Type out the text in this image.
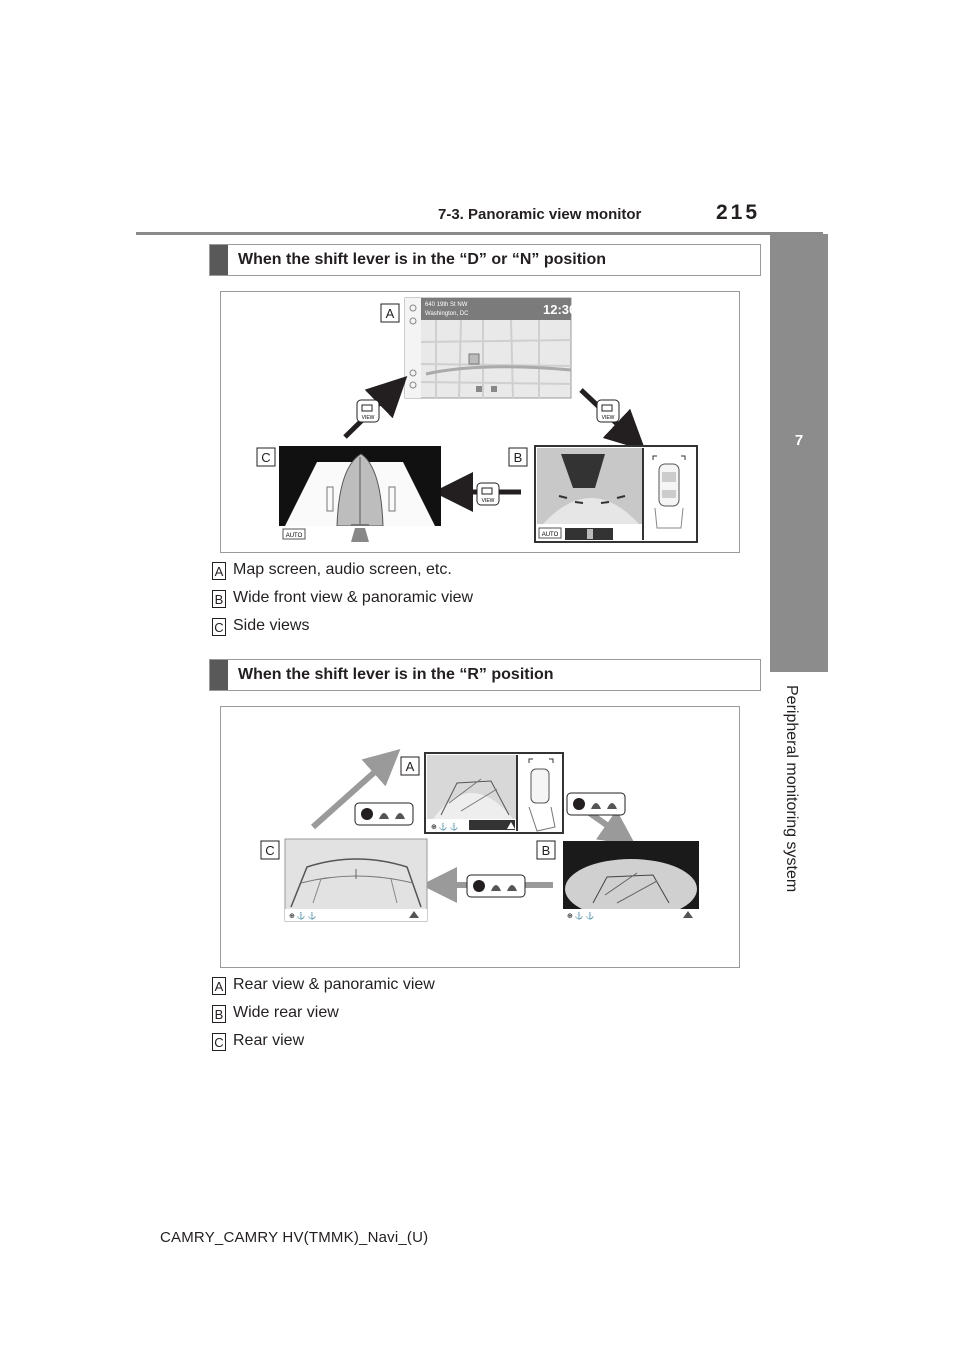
7-3. Panoramic view monitor	215
7
Peripheral monitoring system
When the shift lever is in the “D” or “N” position
640 19th St NW
Washington, DC	12:30
A
VIEW	VIEW
VIEW
C
AUTO
B
AUTO
A Map screen, audio screen, etc.
B Wide front view & panoramic view
C Side views
When the shift lever is in the “R” position
A
⊕ ⚓ ⚓
C
⊕ ⚓ ⚓
B
⊕ ⚓ ⚓
A Rear view & panoramic view
B Wide rear view
C Rear view
CAMRY_CAMRY HV(TMMK)_Navi_(U)
